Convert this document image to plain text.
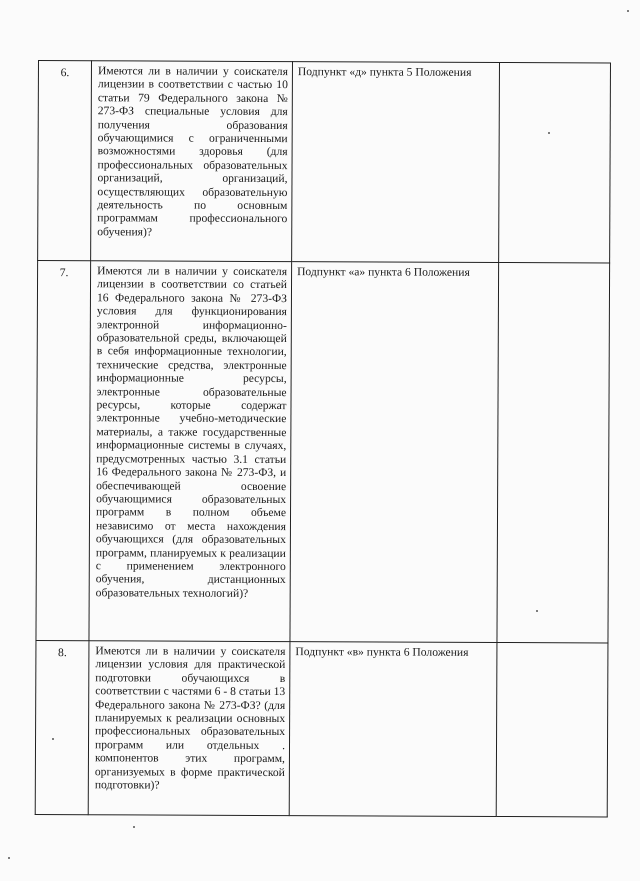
6.	Имеются ли в наличии у соискателя лицензии в соответствии с частью 10 статьи 79 Федерального закона № 273-ФЗ специальные условия для получения образования обучающимися с ограниченными возможностями здоровья (для профессиональных образовательных организаций, организаций, осуществляющих образовательную деятельность по основным программам профессионального обучения)?	Подпункт «д» пункта 5 Положения	

7.	Имеются ли в наличии у соискателя лицензии в соответствии со статьей 16 Федерального закона № 273-ФЗ условия для функционирования электронной информационно-образовательной среды, включающей в себя информационные технологии, технические средства, электронные информационные ресурсы, электронные образовательные ресурсы, которые содержат электронные учебно-методические материалы, а также государственные информационные системы в случаях, предусмотренных частью 3.1 статьи 16 Федерального закона № 273-ФЗ, и обеспечивающей освоение обучающимися образовательных программ в полном объеме независимо от места нахождения обучающихся (для образовательных программ, планируемых к реализации с применением электронного обучения, дистанционных образовательных технологий)?	Подпункт «а» пункта 6 Положения	

8.	Имеются ли в наличии у соискателя лицензии условия для практической подготовки обучающихся в соответствии с частями 6 - 8 статьи 13 Федерального закона № 273-ФЗ? (для планируемых к реализации основных профессиональных образовательных программ или отдельных . компонентов этих программ, организуемых в форме практической подготовки)?	Подпункт «в» пункта 6 Положения	
